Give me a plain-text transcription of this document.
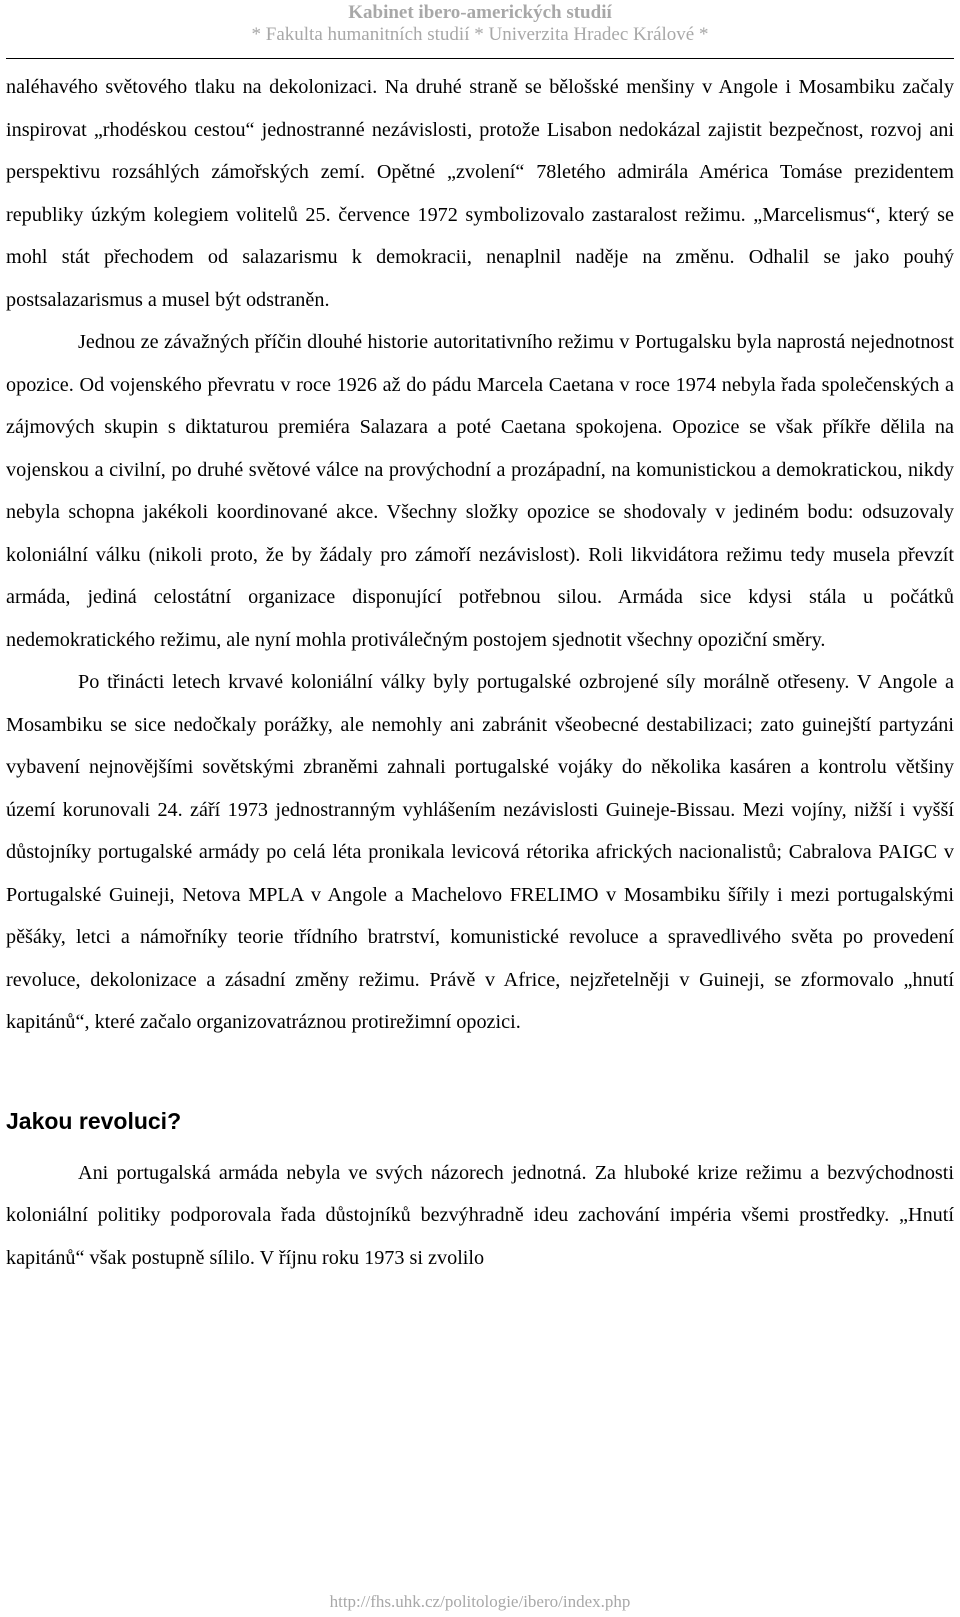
Kabinet ibero-amerických studií
* Fakulta humanitních studií * Univerzita Hradec Králové *

naléhavého světového tlaku na dekolonizaci. Na druhé straně se bělošské menšiny v Angole i Mosambiku začaly inspirovat „rhodéskou cestou“ jednostranné nezávislosti, protože Lisabon nedokázal zajistit bezpečnost, rozvoj ani perspektivu rozsáhlých zámořských zemí. Opětné „zvolení“ 78letého admirála América Tomáse prezidentem republiky úzkým kolegiem volitelů 25. července 1972 symbolizovalo zastaralost režimu. „Marcelismus“, který se mohl stát přechodem od salazarismu k demokracii, nenaplnil naděje na změnu. Odhalil se jako pouhý postsalazarismus a musel být odstraněn.

Jednou ze závažných příčin dlouhé historie autoritativního režimu v Portugalsku byla naprostá nejednotnost opozice. Od vojenského převratu v roce 1926 až do pádu Marcela Caetana v roce 1974 nebyla řada společenských a zájmových skupin s diktaturou premiéra Salazara a poté Caetana spokojena. Opozice se však příkře dělila na vojenskou a civilní, po druhé světové válce na provýchodní a prozápadní, na komunistickou a demokratickou, nikdy nebyla schopna jakékoli koordinované akce. Všechny složky opozice se shodovaly v jediném bodu: odsuzovaly koloniální válku (nikoli proto, že by žádaly pro zámoří nezávislost). Roli likvidátora režimu tedy musela převzít armáda, jediná celostátní organizace disponující potřebnou silou. Armáda sice kdysi stála u počátků nedemokratického režimu, ale nyní mohla protiválečným postojem sjednotit všechny opoziční směry.

Po třinácti letech krvavé koloniální války byly portugalské ozbrojené síly morálně otřeseny. V Angole a Mosambiku se sice nedočkaly porážky, ale nemohly ani zabránit všeobecné destabilizaci; zato guinejští partyzáni vybavení nejnovějšími sovětskými zbraněmi zahnali portugalské vojáky do několika kasáren a kontrolu většiny území korunovali 24. září 1973 jednostranným vyhlášením nezávislosti Guineje-Bissau. Mezi vojíny, nižší i vyšší důstojníky portugalské armády po celá léta pronikala levicová rétorika afrických nacionalistů; Cabralova PAIGC v Portugalské Guineji, Netova MPLA v Angole a Machelovo FRELIMO v Mosambiku šířily i mezi portugalskými pěšáky, letci a námořníky teorie třídního bratrství, komunistické revoluce a spravedlivého světa po provedení revoluce, dekolonizace a zásadní změny režimu. Právě v Africe, nejzřetelněji v Guineji, se zformovalo „hnutí kapitánů“, které začalo organizovatráznou protirežimní opozici.

Jakou revoluci?

Ani portugalská armáda nebyla ve svých názorech jednotná. Za hluboké krize režimu a bezvýchodnosti koloniální politiky podporovala řada důstojníků bezvýhradně ideu zachování impéria všemi prostředky. „Hnutí kapitánů“ však postupně sílilo. V říjnu roku 1973 si zvolilo

http://fhs.uhk.cz/politologie/ibero/index.php
